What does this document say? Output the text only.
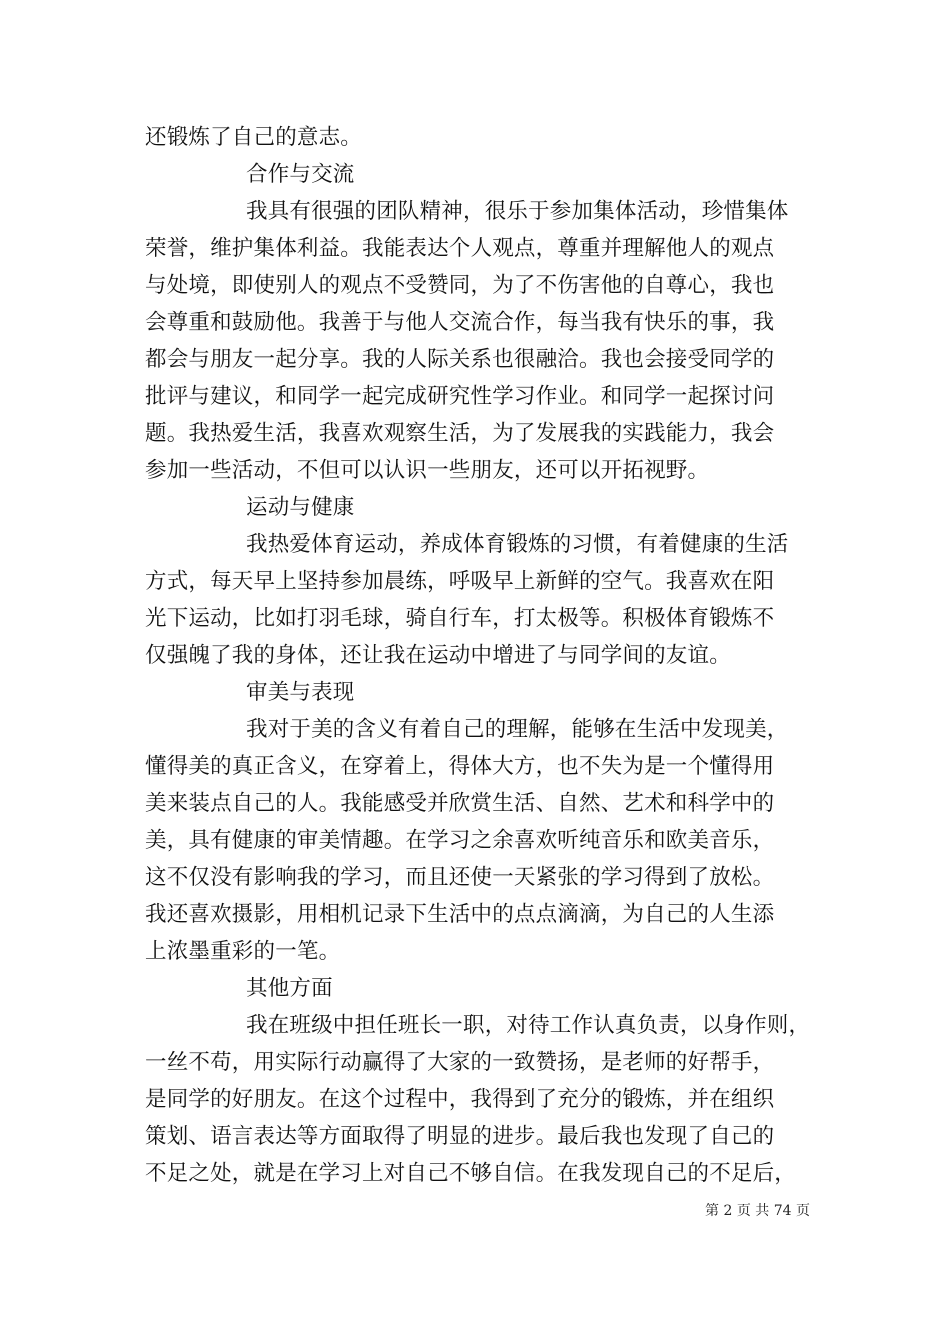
还锻炼了自己的意志。
合作与交流
我具有很强的团队精神，很乐于参加集体活动，珍惜集体
荣誉，维护集体利益。我能表达个人观点，尊重并理解他人的观点
与处境，即使别人的观点不受赞同，为了不伤害他的自尊心，我也
会尊重和鼓励他。我善于与他人交流合作，每当我有快乐的事，我
都会与朋友一起分享。我的人际关系也很融洽。我也会接受同学的
批评与建议，和同学一起完成研究性学习作业。和同学一起探讨问
题。我热爱生活，我喜欢观察生活，为了发展我的实践能力，我会
参加一些活动，不但可以认识一些朋友，还可以开拓视野。
运动与健康
我热爱体育运动，养成体育锻炼的习惯，有着健康的生活
方式，每天早上坚持参加晨练，呼吸早上新鲜的空气。我喜欢在阳
光下运动，比如打羽毛球，骑自行车，打太极等。积极体育锻炼不
仅强魄了我的身体，还让我在运动中增进了与同学间的友谊。
审美与表现
我对于美的含义有着自己的理解，能够在生活中发现美，
懂得美的真正含义，在穿着上，得体大方，也不失为是一个懂得用
美来装点自己的人。我能感受并欣赏生活、自然、艺术和科学中的
美，具有健康的审美情趣。在学习之余喜欢听纯音乐和欧美音乐，
这不仅没有影响我的学习，而且还使一天紧张的学习得到了放松。
我还喜欢摄影，用相机记录下生活中的点点滴滴，为自己的人生添
上浓墨重彩的一笔。
其他方面
我在班级中担任班长一职，对待工作认真负责，以身作则，
一丝不苟，用实际行动赢得了大家的一致赞扬，是老师的好帮手，
是同学的好朋友。在这个过程中，我得到了充分的锻炼，并在组织
策划、语言表达等方面取得了明显的进步。最后我也发现了自己的
不足之处，就是在学习上对自己不够自信。在我发现自己的不足后，
第 2 页 共 74 页
